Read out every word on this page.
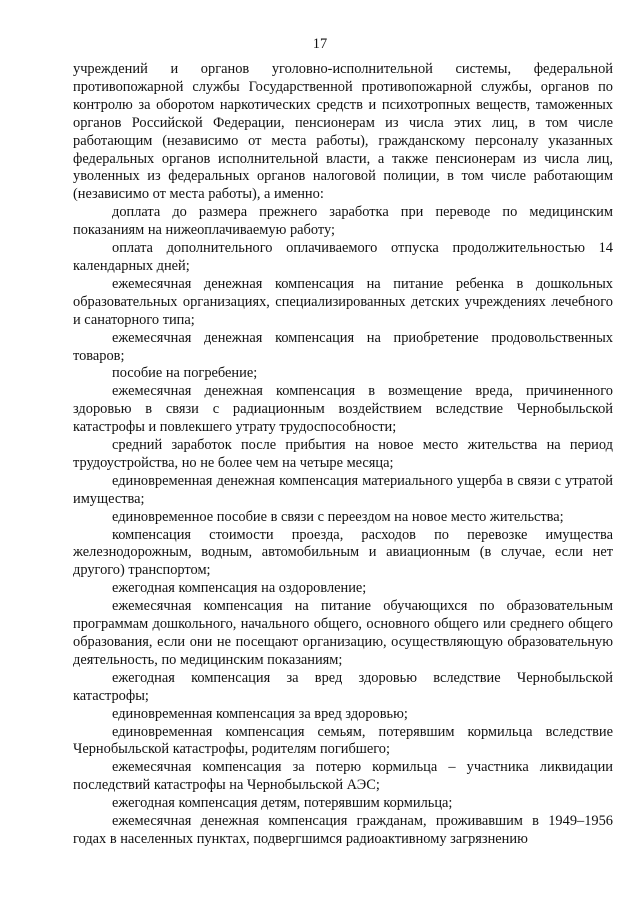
17

учреждений и органов уголовно-исполнительной системы, федеральной противопожарной службы Государственной противопожарной службы, органов по контролю за оборотом наркотических средств и психотропных веществ, таможенных органов Российской Федерации, пенсионерам из числа этих лиц, в том числе работающим (независимо от места работы), гражданскому персоналу указанных федеральных органов исполнительной власти, а также пенсионерам из числа лиц, уволенных из федеральных органов налоговой полиции, в том числе работающим (независимо от места работы), а именно:

доплата до размера прежнего заработка при переводе по медицинским показаниям на нижеоплачиваемую работу;

оплата дополнительного оплачиваемого отпуска продолжительностью 14 календарных дней;

ежемесячная денежная компенсация на питание ребенка в дошкольных образовательных организациях, специализированных детских учреждениях лечебного и санаторного типа;

ежемесячная денежная компенсация на приобретение продовольственных товаров;

пособие на погребение;

ежемесячная денежная компенсация в возмещение вреда, причиненного здоровью в связи с радиационным воздействием вследствие Чернобыльской катастрофы и повлекшего утрату трудоспособности;

средний заработок после прибытия на новое место жительства на период трудоустройства, но не более чем на четыре месяца;

единовременная денежная компенсация материального ущерба в связи с утратой имущества;

единовременное пособие в связи с переездом на новое место жительства;

компенсация стоимости проезда, расходов по перевозке имущества железнодорожным, водным, автомобильным и авиационным (в случае, если нет другого) транспортом;

ежегодная компенсация на оздоровление;

ежемесячная компенсация на питание обучающихся по образовательным программам дошкольного, начального общего, основного общего или среднего общего образования, если они не посещают организацию, осуществляющую образовательную деятельность, по медицинским показаниям;

ежегодная компенсация за вред здоровью вследствие Чернобыльской катастрофы;

единовременная компенсация за вред здоровью;

единовременная компенсация семьям, потерявшим кормильца вследствие Чернобыльской катастрофы, родителям погибшего;

ежемесячная компенсация за потерю кормильца – участника ликвидации последствий катастрофы на Чернобыльской АЭС;

ежегодная компенсация детям, потерявшим кормильца;

ежемесячная денежная компенсация гражданам, проживавшим в 1949–1956 годах в населенных пунктах, подвергшимся радиоактивному загрязнению
